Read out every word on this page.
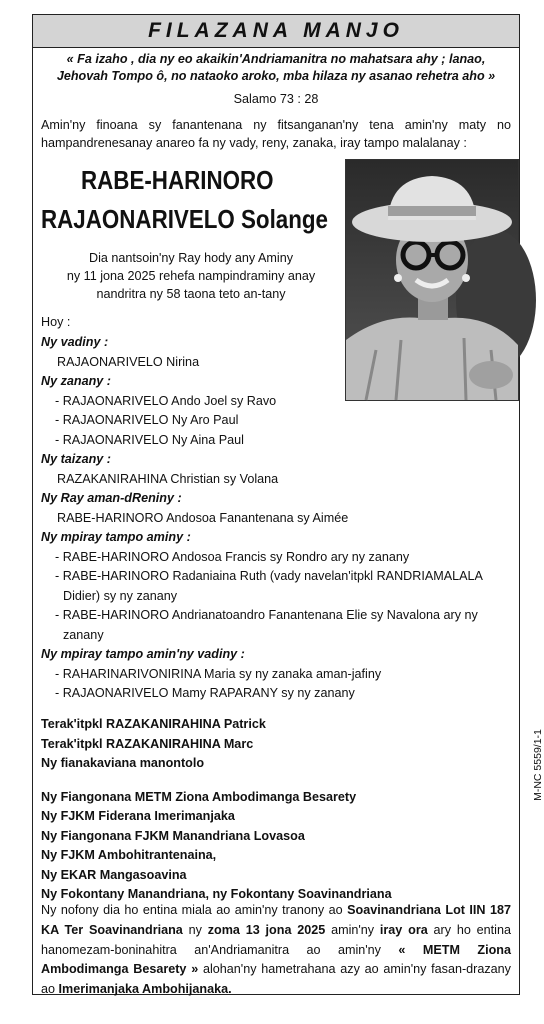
FILAZANA MANJO
« Fa izaho , dia ny eo akaikin'Andriamanitra no mahatsara ahy ; lanao,
Jehovah Tompo ô, no nataoko aroko, mba hilaza ny asanao rehetra aho »
Salamo 73 : 28
Amin'ny finoana sy fanantenana ny fitsanganan'ny tena amin'ny maty no
hampandrenesanay anareo fa ny vady, reny, zanaka, iray tampo malalanay :
RABE-HARINORO
RAJAONARIVELO Solange
Dia nantsoin'ny Ray hody any Aminy
ny 11 jona 2025 rehefa nampindraminy anay
nandritra ny 58 taona teto an-tany
Hoy :
Ny vadiny :
RAJAONARIVELO Nirina
Ny zanany :
- RAJAONARIVELO Ando Joel sy Ravo
- RAJAONARIVELO Ny Aro Paul
- RAJAONARIVELO Ny Aina Paul
Ny taizany :
RAZAKANIRAHINA Christian sy Volana
Ny Ray aman-dReniny :
RABE-HARINORO Andosoa Fanantenana sy Aimée
Ny mpiray tampo aminy :
- RABE-HARINORO Andosoa Francis sy Rondro ary ny zanany
- RABE-HARINORO Radaniaina Ruth (vady navelan'itpkl RANDRIAMALALA Didier) sy ny zanany
- RABE-HARINORO Andrianatoandro Fanantenana Elie sy Navalona ary ny zanany
Ny mpiray tampo amin'ny vadiny :
- RAHARINARIVONIRINA Maria sy ny zanaka aman-jafiny
- RAJAONARIVELO Mamy RAPARANY sy ny zanany
Terak'itpkl RAZAKANIRAHINA Patrick
Terak'itpkl RAZAKANIRAHINA Marc
Ny fianakaviana manontolo
Ny Fiangonana METM Ziona Ambodimanga Besarety
Ny FJKM Fiderana Imerimanjaka
Ny Fiangonana FJKM Manandriana Lovasoa
Ny FJKM Ambohitrantenaina,
Ny EKAR Mangasoavina
Ny Fokontany Manandriana, ny Fokontany Soavinandriana
Ny nofony dia ho entina miala ao amin'ny tranony ao Soavinandriana Lot IIN 187 KA Ter Soavinandriana ny zoma 13 jona 2025 amin'ny iray ora ary ho entina hanomezam-boninahitra an'Andriamanitra ao amin'ny « METM Ziona Ambodimanga Besarety » alohan'ny hametrahana azy ao amin'ny fasan-drazany ao Imerimanjaka Ambohijanaka.
M-NC 5559/1-1
